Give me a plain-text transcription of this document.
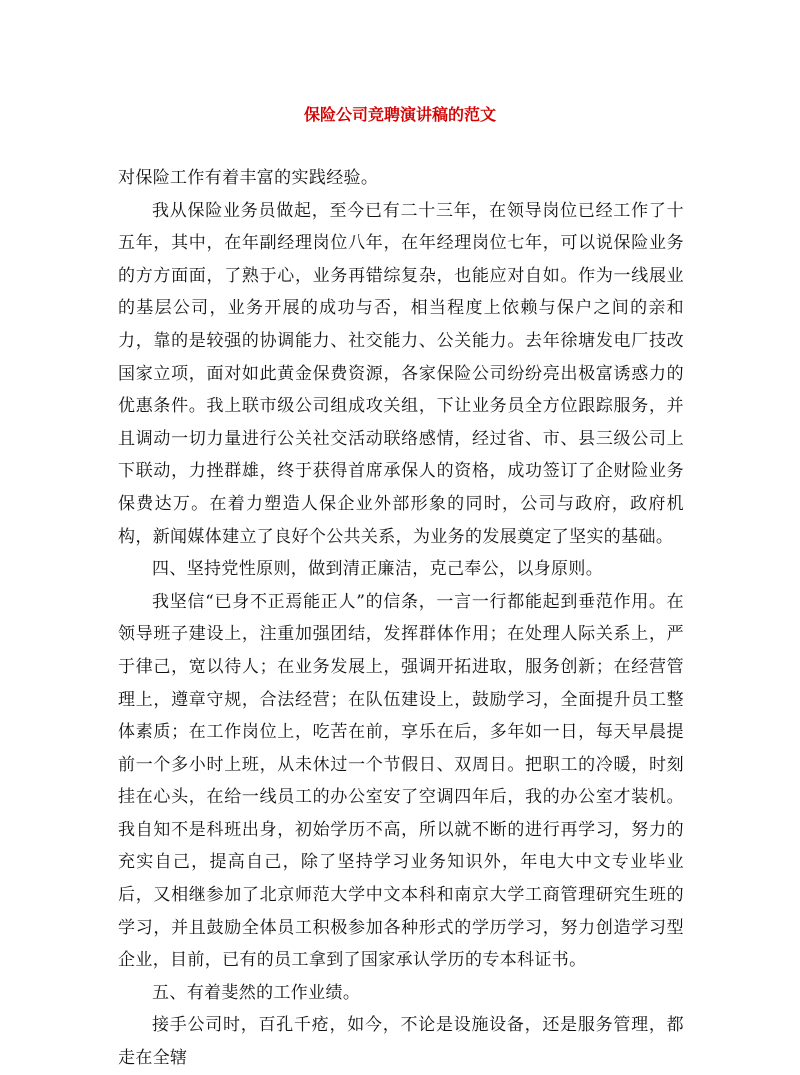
保险公司竞聘演讲稿的范文

对保险工作有着丰富的实践经验。

我从保险业务员做起，至今已有二十三年，在领导岗位已经工作了十五年，其中，在年副经理岗位八年，在年经理岗位七年，可以说保险业务的方方面面，了熟于心，业务再错综复杂，也能应对自如。作为一线展业的基层公司，业务开展的成功与否，相当程度上依赖与保户之间的亲和力，靠的是较强的协调能力、社交能力、公关能力。去年徐塘发电厂技改国家立项，面对如此黄金保费资源，各家保险公司纷纷亮出极富诱惑力的优惠条件。我上联市级公司组成攻关组，下让业务员全方位跟踪服务，并且调动一切力量进行公关社交活动联络感情，经过省、市、县三级公司上下联动，力挫群雄，终于获得首席承保人的资格，成功签订了企财险业务保费达万。在着力塑造人保企业外部形象的同时，公司与政府，政府机构，新闻媒体建立了良好个公共关系，为业务的发展奠定了坚实的基础。

四、坚持党性原则，做到清正廉洁，克己奉公，以身原则。

我坚信“已身不正焉能正人”的信条，一言一行都能起到垂范作用。在领导班子建设上，注重加强团结，发挥群体作用；在处理人际关系上，严于律己，宽以待人；在业务发展上，强调开拓进取，服务创新；在经营管理上，遵章守规，合法经营；在队伍建设上，鼓励学习，全面提升员工整体素质；在工作岗位上，吃苦在前，享乐在后，多年如一日，每天早晨提前一个多小时上班，从未休过一个节假日、双周日。把职工的冷暖，时刻挂在心头，在给一线员工的办公室安了空调四年后，我的办公室才装机。我自知不是科班出身，初始学历不高，所以就不断的进行再学习，努力的充实自己，提高自己，除了坚持学习业务知识外，年电大中文专业毕业后，又相继参加了北京师范大学中文本科和南京大学工商管理研究生班的学习，并且鼓励全体员工积极参加各种形式的学历学习，努力创造学习型企业，目前，已有的员工拿到了国家承认学历的专本科证书。

五、有着斐然的工作业绩。

接手公司时，百孔千疮，如今，不论是设施设备，还是服务管理，都走在全辖
